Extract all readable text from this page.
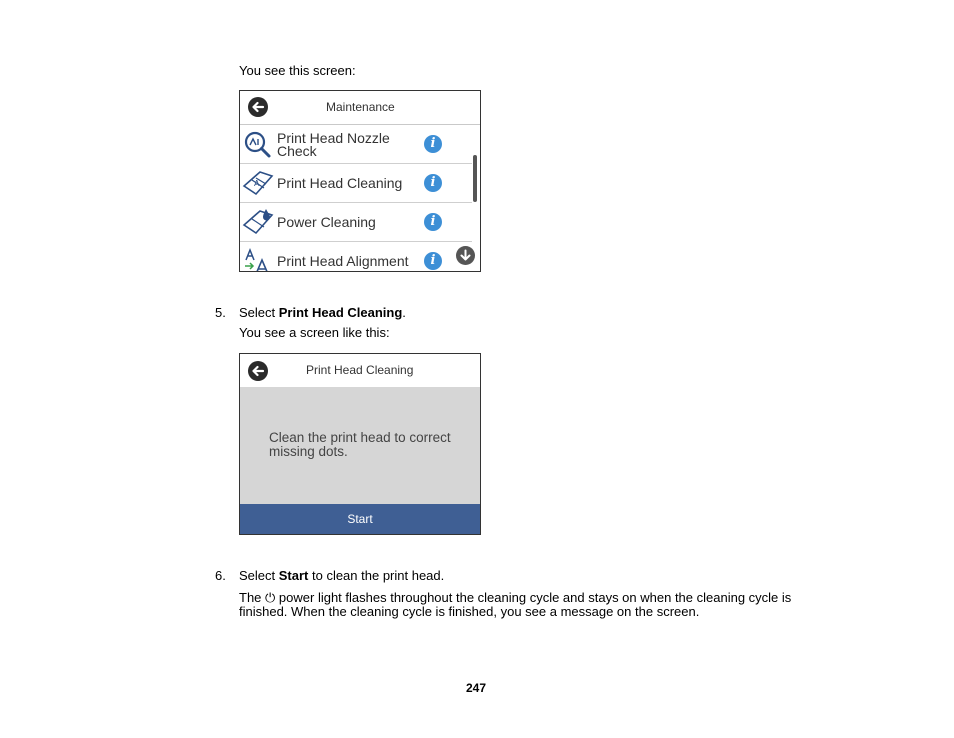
You see this screen:
Maintenance
Print Head Nozzle
Check	i
A Print Head Cleaning	i
Power Cleaning	i
Print Head Alignment	i
5. Select Print Head Cleaning.
You see a screen like this:
Print Head Cleaning
Clean the print head to correct
missing dots.
Start
6. Select Start to clean the print head.
The ⏻ power light flashes throughout the cleaning cycle and stays on when the cleaning cycle is
finished. When the cleaning cycle is finished, you see a message on the screen.
247
